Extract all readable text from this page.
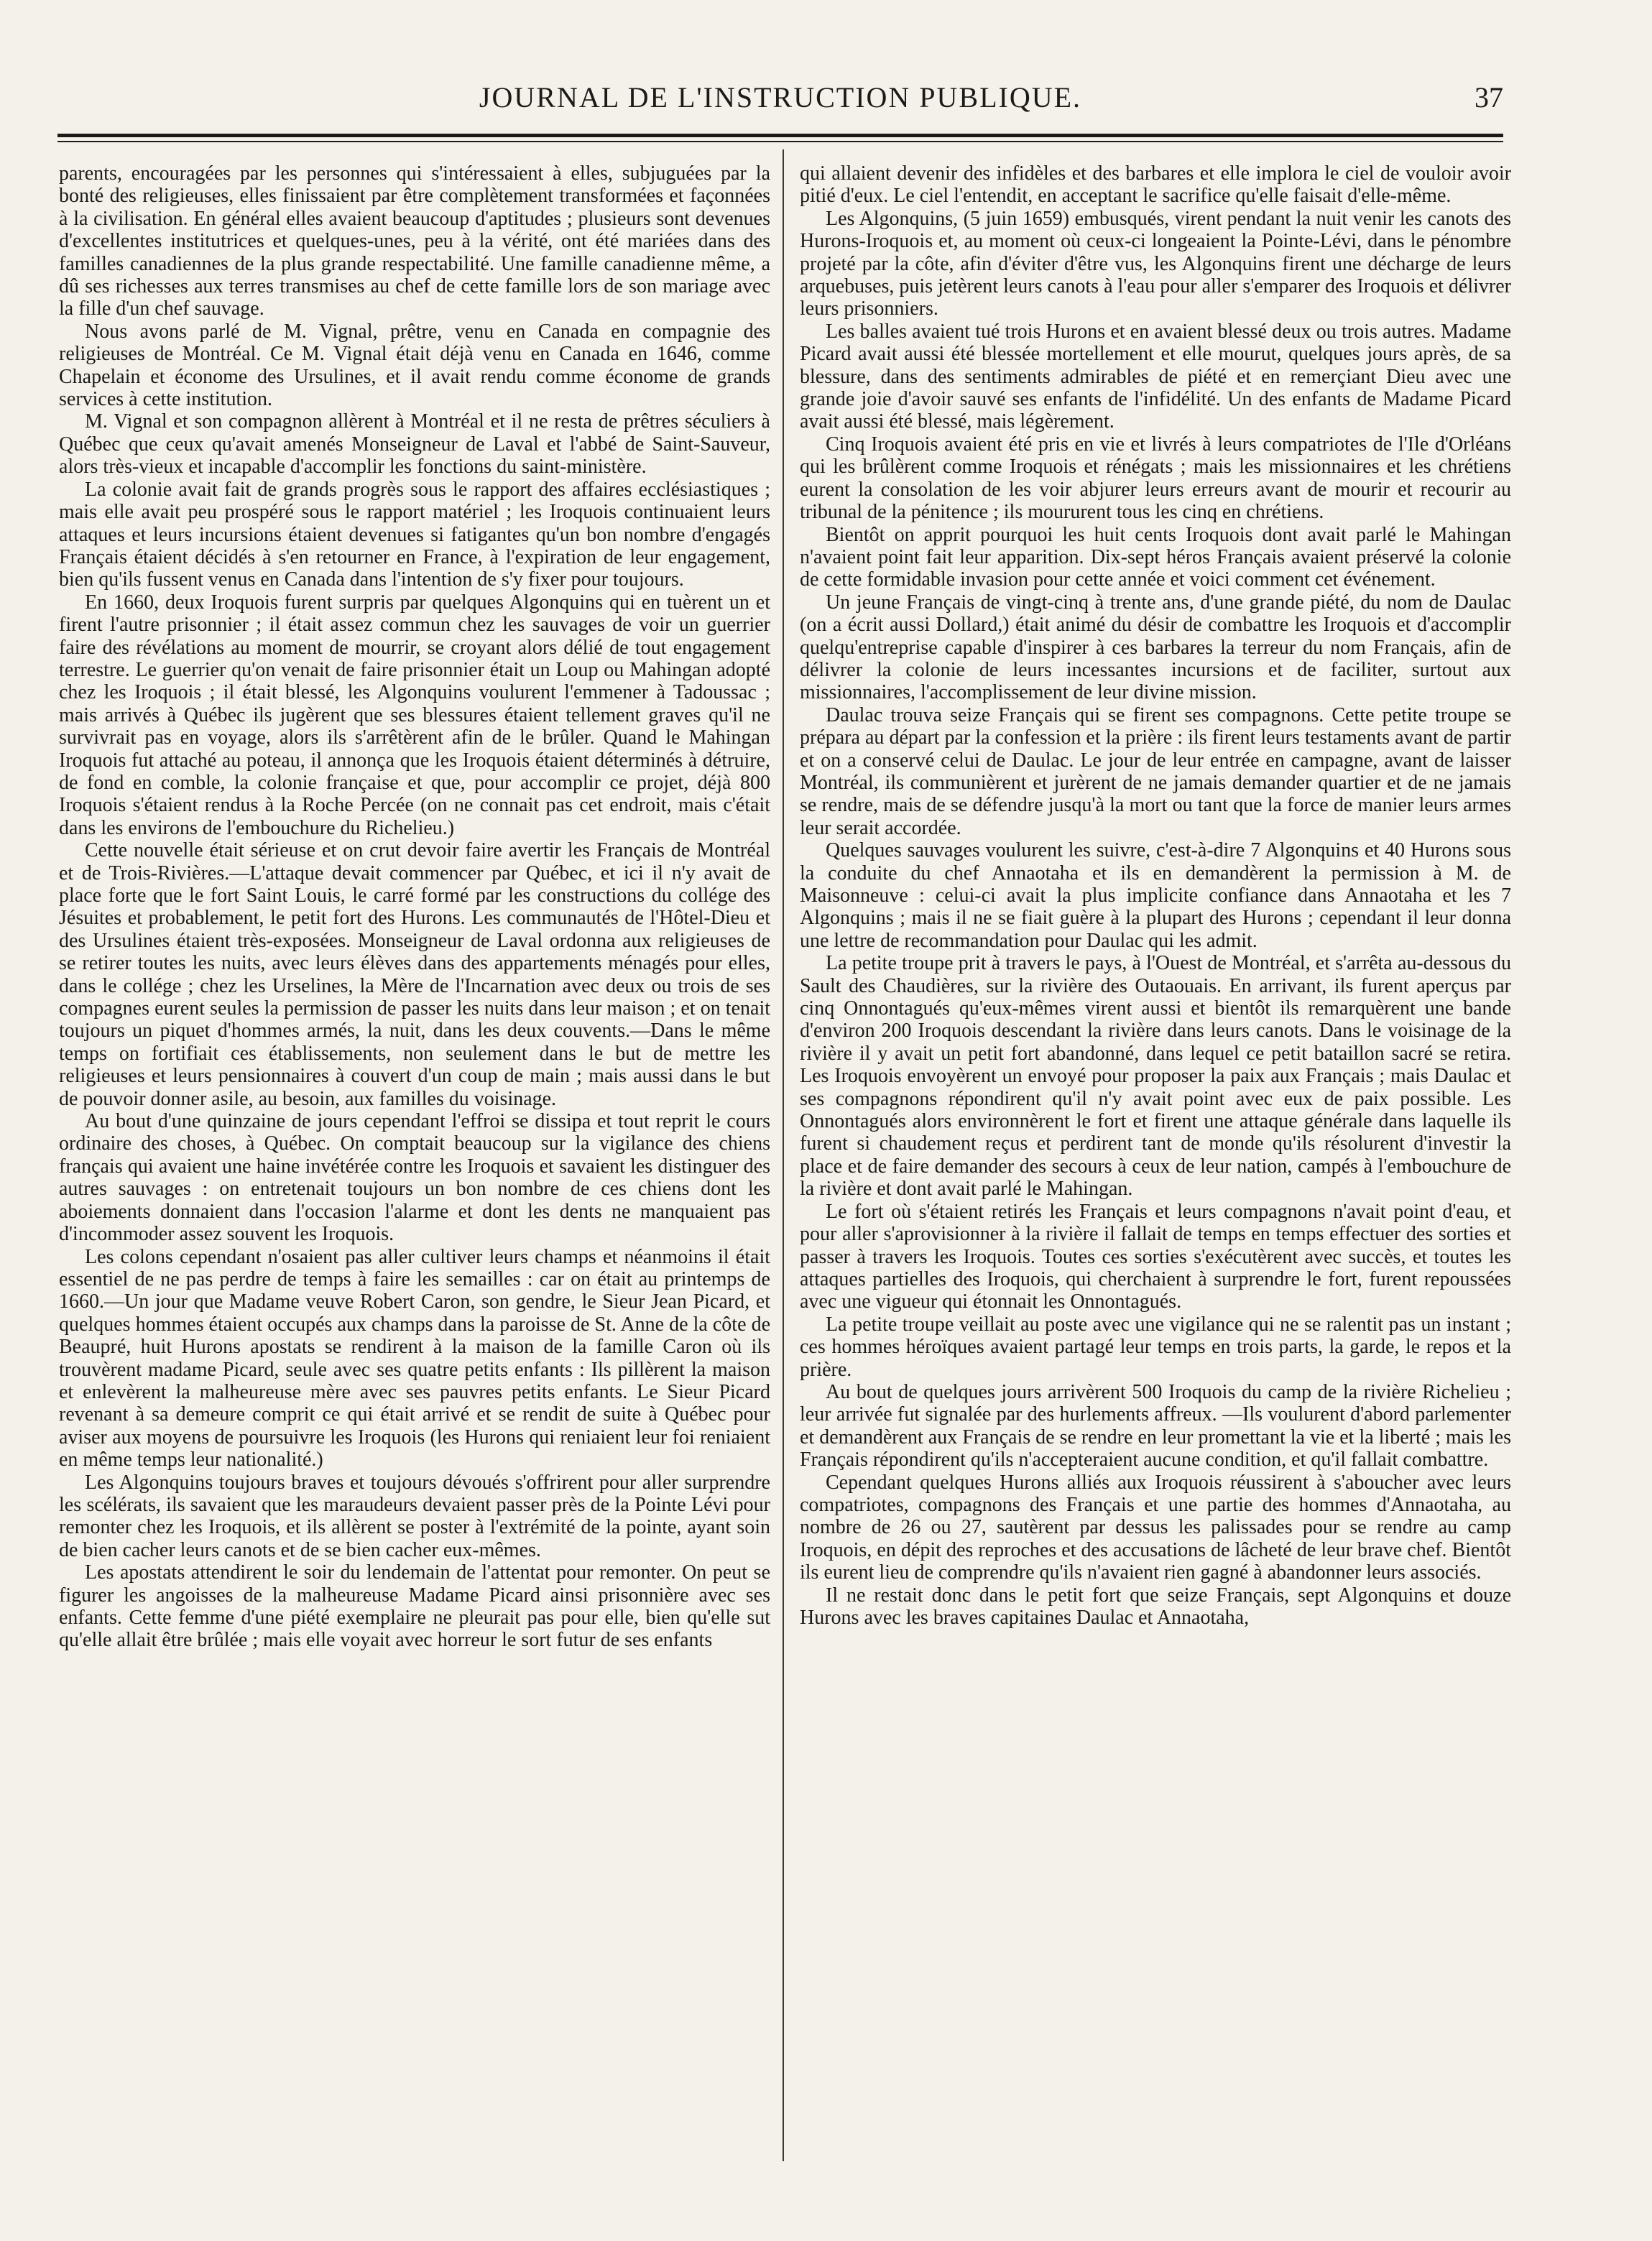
JOURNAL DE L'INSTRUCTION PUBLIQUE.	37

parents, encouragées par les personnes qui s'intéressaient à elles, subjuguées par la bonté des religieuses, elles finissaient par être complètement transformées et façonnées à la civilisation. En général elles avaient beaucoup d'aptitudes ; plusieurs sont devenues d'excellentes institutrices et quelques-unes, peu à la vérité, ont été mariées dans des familles canadiennes de la plus grande respectabilité. Une famille canadienne même, a dû ses richesses aux terres transmises au chef de cette famille lors de son mariage avec la fille d'un chef sauvage.

Nous avons parlé de M. Vignal, prêtre, venu en Canada en compagnie des religieuses de Montréal. Ce M. Vignal était déjà venu en Canada en 1646, comme Chapelain et économe des Ursulines, et il avait rendu comme économe de grands services à cette institution.

M. Vignal et son compagnon allèrent à Montréal et il ne resta de prêtres séculiers à Québec que ceux qu'avait amenés Monseigneur de Laval et l'abbé de Saint-Sauveur, alors très-vieux et incapable d'accomplir les fonctions du saint-ministère.

La colonie avait fait de grands progrès sous le rapport des affaires ecclésiastiques ; mais elle avait peu prospéré sous le rapport matériel ; les Iroquois continuaient leurs attaques et leurs incursions étaient devenues si fatigantes qu'un bon nombre d'engagés Français étaient décidés à s'en retourner en France, à l'expiration de leur engagement, bien qu'ils fussent venus en Canada dans l'intention de s'y fixer pour toujours.

En 1660, deux Iroquois furent surpris par quelques Algonquins qui en tuèrent un et firent l'autre prisonnier ; il était assez commun chez les sauvages de voir un guerrier faire des révélations au moment de mourrir, se croyant alors délié de tout engagement terrestre. Le guerrier qu'on venait de faire prisonnier était un Loup ou Mahingan adopté chez les Iroquois ; il était blessé, les Algonquins voulurent l'emmener à Tadoussac ; mais arrivés à Québec ils jugèrent que ses blessures étaient tellement graves qu'il ne survivrait pas en voyage, alors ils s'arrêtèrent afin de le brûler. Quand le Mahingan Iroquois fut attaché au poteau, il annonça que les Iroquois étaient déterminés à détruire, de fond en comble, la colonie française et que, pour accomplir ce projet, déjà 800 Iroquois s'étaient rendus à la Roche Percée (on ne connait pas cet endroit, mais c'était dans les environs de l'embouchure du Richelieu.)

Cette nouvelle était sérieuse et on crut devoir faire avertir les Français de Montréal et de Trois-Rivières.—L'attaque devait commencer par Québec, et ici il n'y avait de place forte que le fort Saint Louis, le carré formé par les constructions du collége des Jésuites et probablement, le petit fort des Hurons. Les communautés de l'Hôtel-Dieu et des Ursulines étaient très-exposées. Monseigneur de Laval ordonna aux religieuses de se retirer toutes les nuits, avec leurs élèves dans des appartements ménagés pour elles, dans le collége ; chez les Urselines, la Mère de l'Incarnation avec deux ou trois de ses compagnes eurent seules la permission de passer les nuits dans leur maison ; et on tenait toujours un piquet d'hommes armés, la nuit, dans les deux couvents.—Dans le même temps on fortifiait ces établissements, non seulement dans le but de mettre les religieuses et leurs pensionnaires à couvert d'un coup de main ; mais aussi dans le but de pouvoir donner asile, au besoin, aux familles du voisinage.

Au bout d'une quinzaine de jours cependant l'effroi se dissipa et tout reprit le cours ordinaire des choses, à Québec. On comptait beaucoup sur la vigilance des chiens français qui avaient une haine invétérée contre les Iroquois et savaient les distinguer des autres sauvages : on entretenait toujours un bon nombre de ces chiens dont les aboiements donnaient dans l'occasion l'alarme et dont les dents ne manquaient pas d'incommoder assez souvent les Iroquois.

Les colons cependant n'osaient pas aller cultiver leurs champs et néanmoins il était essentiel de ne pas perdre de temps à faire les semailles : car on était au printemps de 1660.—Un jour que Madame veuve Robert Caron, son gendre, le Sieur Jean Picard, et quelques hommes étaient occupés aux champs dans la paroisse de St. Anne de la côte de Beaupré, huit Hurons apostats se rendirent à la maison de la famille Caron où ils trouvèrent madame Picard, seule avec ses quatre petits enfants : Ils pillèrent la maison et enlevèrent la malheureuse mère avec ses pauvres petits enfants. Le Sieur Picard revenant à sa demeure comprit ce qui était arrivé et se rendit de suite à Québec pour aviser aux moyens de poursuivre les Iroquois (les Hurons qui reniaient leur foi reniaient en même temps leur nationalité.)

Les Algonquins toujours braves et toujours dévoués s'offrirent pour aller surprendre les scélérats, ils savaient que les maraudeurs devaient passer près de la Pointe Lévi pour remonter chez les Iroquois, et ils allèrent se poster à l'extrémité de la pointe, ayant soin de bien cacher leurs canots et de se bien cacher eux-mêmes.

Les apostats attendirent le soir du lendemain de l'attentat pour remonter. On peut se figurer les angoisses de la malheureuse Madame Picard ainsi prisonnière avec ses enfants. Cette femme d'une piété exemplaire ne pleurait pas pour elle, bien qu'elle sut qu'elle allait être brûlée ; mais elle voyait avec horreur le sort futur de ses enfants

qui allaient devenir des infidèles et des barbares et elle implora le ciel de vouloir avoir pitié d'eux. Le ciel l'entendit, en acceptant le sacrifice qu'elle faisait d'elle-même.

Les Algonquins, (5 juin 1659) embusqués, virent pendant la nuit venir les canots des Hurons-Iroquois et, au moment où ceux-ci longeaient la Pointe-Lévi, dans le pénombre projeté par la côte, afin d'éviter d'être vus, les Algonquins firent une décharge de leurs arquebuses, puis jetèrent leurs canots à l'eau pour aller s'emparer des Iroquois et délivrer leurs prisonniers.

Les balles avaient tué trois Hurons et en avaient blessé deux ou trois autres. Madame Picard avait aussi été blessée mortellement et elle mourut, quelques jours après, de sa blessure, dans des sentiments admirables de piété et en remerçiant Dieu avec une grande joie d'avoir sauvé ses enfants de l'infidélité. Un des enfants de Madame Picard avait aussi été blessé, mais légèrement.

Cinq Iroquois avaient été pris en vie et livrés à leurs compatriotes de l'Ile d'Orléans qui les brûlèrent comme Iroquois et rénégats ; mais les missionnaires et les chrétiens eurent la consolation de les voir abjurer leurs erreurs avant de mourir et recourir au tribunal de la pénitence ; ils moururent tous les cinq en chrétiens.

Bientôt on apprit pourquoi les huit cents Iroquois dont avait parlé le Mahingan n'avaient point fait leur apparition. Dix-sept héros Français avaient préservé la colonie de cette formidable invasion pour cette année et voici comment cet événement.

Un jeune Français de vingt-cinq à trente ans, d'une grande piété, du nom de Daulac (on a écrit aussi Dollard,) était animé du désir de combattre les Iroquois et d'accomplir quelqu'entreprise capable d'inspirer à ces barbares la terreur du nom Français, afin de délivrer la colonie de leurs incessantes incursions et de faciliter, surtout aux missionnaires, l'accomplissement de leur divine mission.

Daulac trouva seize Français qui se firent ses compagnons. Cette petite troupe se prépara au départ par la confession et la prière : ils firent leurs testaments avant de partir et on a conservé celui de Daulac. Le jour de leur entrée en campagne, avant de laisser Montréal, ils communièrent et jurèrent de ne jamais demander quartier et de ne jamais se rendre, mais de se défendre jusqu'à la mort ou tant que la force de manier leurs armes leur serait accordée.

Quelques sauvages voulurent les suivre, c'est-à-dire 7 Algonquins et 40 Hurons sous la conduite du chef Annaotaha et ils en demandèrent la permission à M. de Maisonneuve : celui-ci avait la plus implicite confiance dans Annaotaha et les 7 Algonquins ; mais il ne se fiait guère à la plupart des Hurons ; cependant il leur donna une lettre de recommandation pour Daulac qui les admit.

La petite troupe prit à travers le pays, à l'Ouest de Montréal, et s'arrêta au-dessous du Sault des Chaudières, sur la rivière des Outaouais. En arrivant, ils furent aperçus par cinq Onnontagués qu'eux-mêmes virent aussi et bientôt ils remarquèrent une bande d'environ 200 Iroquois descendant la rivière dans leurs canots. Dans le voisinage de la rivière il y avait un petit fort abandonné, dans lequel ce petit bataillon sacré se retira. Les Iroquois envoyèrent un envoyé pour proposer la paix aux Français ; mais Daulac et ses compagnons répondirent qu'il n'y avait point avec eux de paix possible. Les Onnontagués alors environnèrent le fort et firent une attaque générale dans laquelle ils furent si chaudement reçus et perdirent tant de monde qu'ils résolurent d'investir la place et de faire demander des secours à ceux de leur nation, campés à l'embouchure de la rivière et dont avait parlé le Mahingan.

Le fort où s'étaient retirés les Français et leurs compagnons n'avait point d'eau, et pour aller s'aprovisionner à la rivière il fallait de temps en temps effectuer des sorties et passer à travers les Iroquois. Toutes ces sorties s'exécutèrent avec succès, et toutes les attaques partielles des Iroquois, qui cherchaient à surprendre le fort, furent repoussées avec une vigueur qui étonnait les Onnontagués.

La petite troupe veillait au poste avec une vigilance qui ne se ralentit pas un instant ; ces hommes héroïques avaient partagé leur temps en trois parts, la garde, le repos et la prière.

Au bout de quelques jours arrivèrent 500 Iroquois du camp de la rivière Richelieu ; leur arrivée fut signalée par des hurlements affreux. —Ils voulurent d'abord parlementer et demandèrent aux Français de se rendre en leur promettant la vie et la liberté ; mais les Français répondirent qu'ils n'accepteraient aucune condition, et qu'il fallait combattre.

Cependant quelques Hurons alliés aux Iroquois réussirent à s'aboucher avec leurs compatriotes, compagnons des Français et une partie des hommes d'Annaotaha, au nombre de 26 ou 27, sautèrent par dessus les palissades pour se rendre au camp Iroquois, en dépit des reproches et des accusations de lâcheté de leur brave chef. Bientôt ils eurent lieu de comprendre qu'ils n'avaient rien gagné à abandonner leurs associés.

Il ne restait donc dans le petit fort que seize Français, sept Algonquins et douze Hurons avec les braves capitaines Daulac et Annaotaha,
